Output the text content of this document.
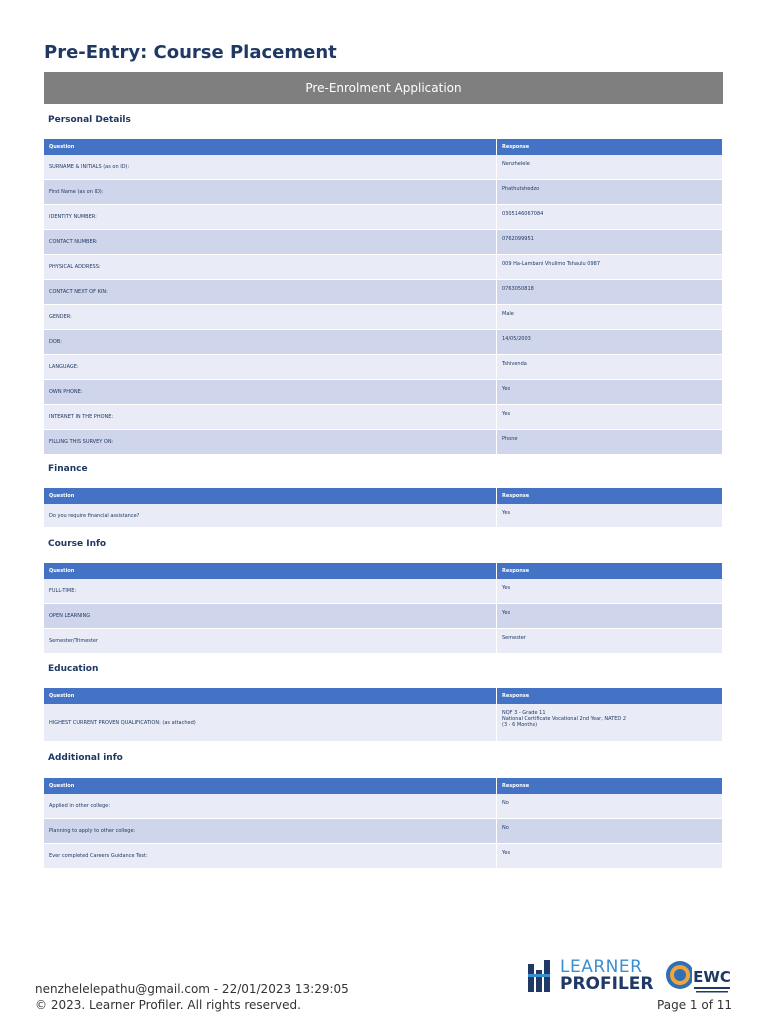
Pre-Entry: Course Placement
Pre-Enrolment Application
Personal Details
Question	Response
SURNAME & INITIALS (as on ID):	Nenzhelele
First Name (as on ID):	Phathutshedzo
IDENTITY NUMBER:	0305146067084
CONTACT NUMBER:	0762099951
PHYSICAL ADDRESS:	009 Ha-Lambani Vhulimo Tshaulu 0987
CONTACT NEXT OF KIN:	0763050818
GENDER:	Male
DOB:	14/05/2003
LANGUAGE:	Tshivenda
OWN PHONE:	Yes
INTERNET IN THE PHONE:	Yes
FILLING THIS SURVEY ON:	Phone
Finance
Question	Response
Do you require financial assistance?	Yes
Course Info
Question	Response
FULL-TIME:	Yes
OPEN LEARNING	Yes
Semester/Trimester	Semester
Education
Question	Response
HIGHEST CURRENT PROVEN QUALIFICATION: (as attached)	NQF 3 - Grade 11
National Certificate Vocational 2nd Year, NATED 2
(3 - 6 Months)
Additional info
Question	Response
Applied in other college:	No
Planning to apply to other college:	No
Ever completed Careers Guidance Test:	Yes
nenzhelelepathu@gmail.com - 22/01/2023 13:29:05
© 2023. Learner Profiler. All rights reserved.	Page 1 of 11
LEARNER
PROFILER	EWC
